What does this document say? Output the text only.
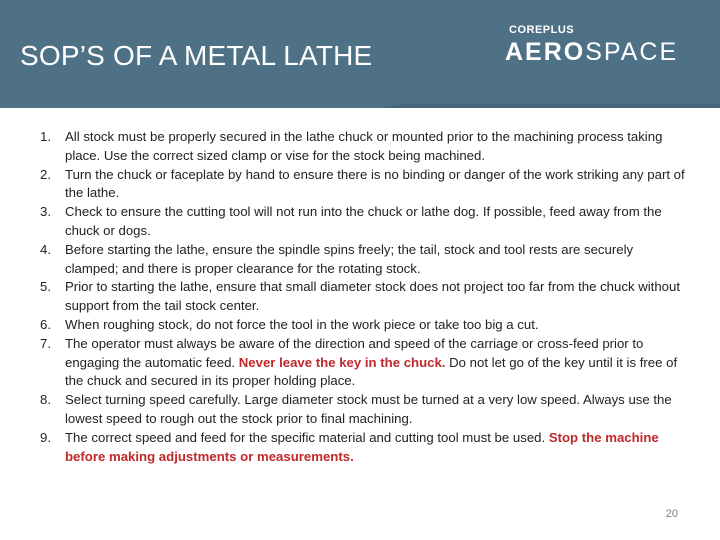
SOP’S OF A METAL LATHE
COREPLUS
AEROSPACE
1. All stock must be properly secured in the lathe chuck or mounted prior to the machining process taking place. Use the correct sized clamp or vise for the stock being machined.
2. Turn the chuck or faceplate by hand to ensure there is no binding or danger of the work striking any part of the lathe.
3. Check to ensure the cutting tool will not run into the chuck or lathe dog. If possible, feed away from the chuck or dogs.
4. Before starting the lathe, ensure the spindle spins freely; the tail, stock and tool rests are securely clamped; and there is proper clearance for the rotating stock.
5. Prior to starting the lathe, ensure that small diameter stock does not project too far from the chuck without support from the tail stock center.
6. When roughing stock, do not force the tool in the work piece or take too big a cut.
7. The operator must always be aware of the direction and speed of the carriage or cross-feed prior to engaging the automatic feed. Never leave the key in the chuck. Do not let go of the key until it is free of the chuck and secured in its proper holding place.
8. Select turning speed carefully. Large diameter stock must be turned at a very low speed. Always use the lowest speed to rough out the stock prior to final machining.
9. The correct speed and feed for the specific material and cutting tool must be used. Stop the machine before making adjustments or measurements.
20
